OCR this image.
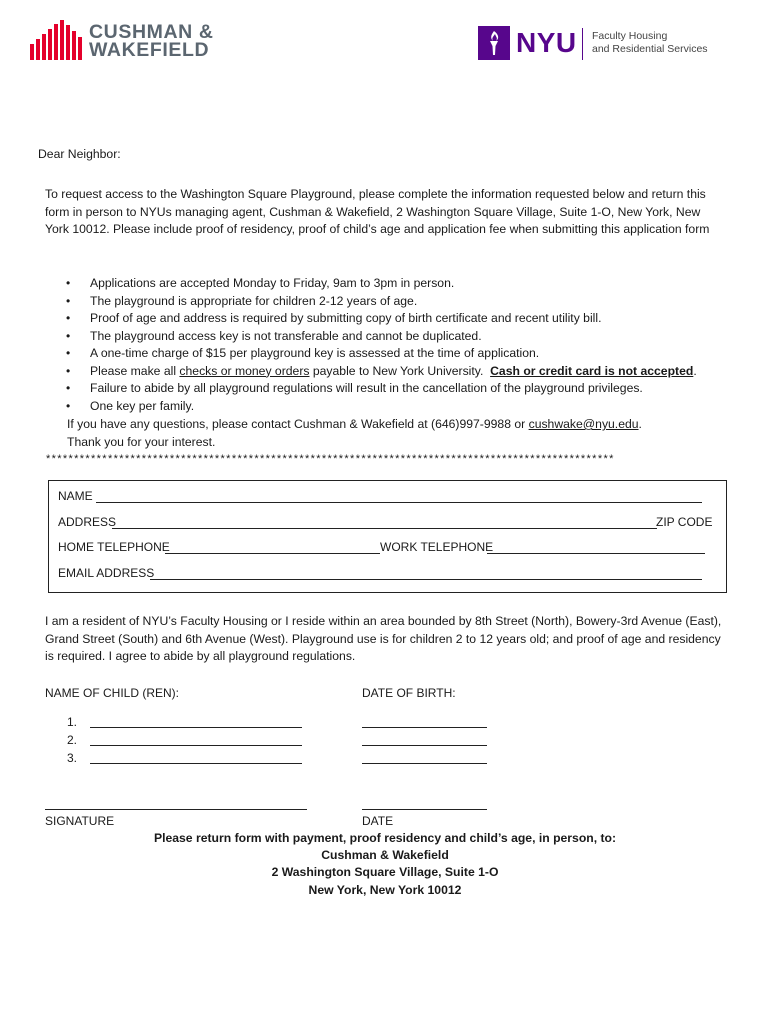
CUSHMAN &
WAKEFIELD	NYU Faculty Housing
and Residential Services
Dear Neighbor:
To request access to the Washington Square Playground, please complete the information requested below and return this form in person to NYUs managing agent, Cushman & Wakefield, 2 Washington Square Village, Suite 1-O, New York, New York 10012. Please include proof of residency, proof of child’s age and application fee when submitting this application form
• Applications are accepted Monday to Friday, 9am to 3pm in person.
• The playground is appropriate for children 2-12 years of age.
• Proof of age and address is required by submitting copy of birth certificate and recent utility bill.
• The playground access key is not transferable and cannot be duplicated.
• A one-time charge of $15 per playground key is assessed at the time of application.
• Please make all checks or money orders payable to New York University.  Cash or credit card is not accepted.
• Failure to abide by all playground regulations will result in the cancellation of the playground privileges.
• One key per family.
If you have any questions, please contact Cushman & Wakefield at (646)997-9988 or cushwake@nyu.edu.
Thank you for your interest.
*****************************************************************************************************
NAME
ADDRESS	ZIP CODE
HOME TELEPHONE	WORK TELEPHONE
EMAIL ADDRESS
I am a resident of NYU’s Faculty Housing or I reside within an area bounded by 8th Street (North), Bowery-3rd Avenue (East), Grand Street (South) and 6th Avenue (West). Playground use is for children 2 to 12 years old; and proof of age and residency is required. I agree to abide by all playground regulations.
NAME OF CHILD (REN):	DATE OF BIRTH:
1.
2.
3.
SIGNATURE	DATE
Please return form with payment, proof residency and child’s age, in person, to:
Cushman & Wakefield
2 Washington Square Village, Suite 1-O
New York, New York 10012
